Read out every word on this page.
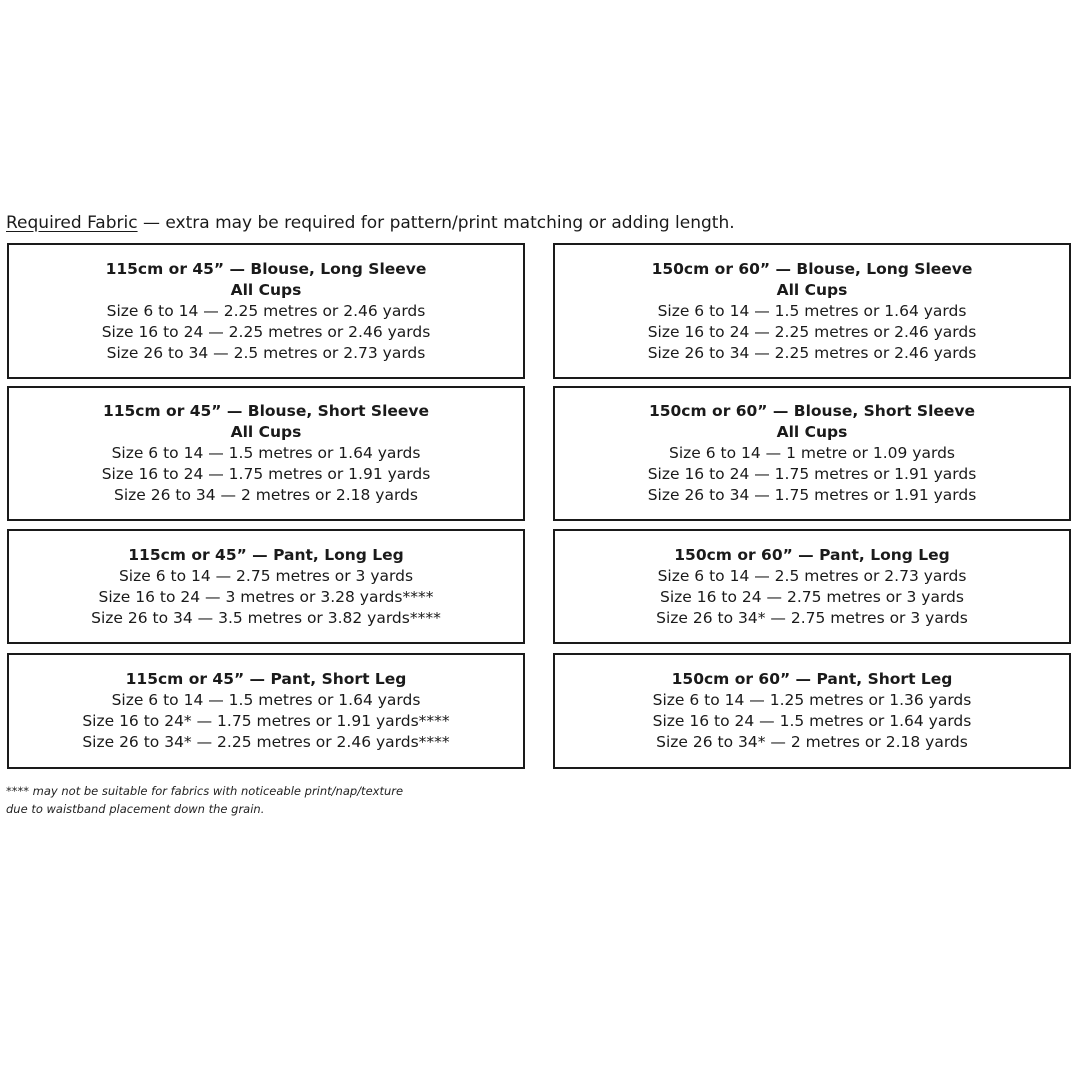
Required Fabric — extra may be required for pattern/print matching or adding length.
115cm or 45” — Blouse, Long Sleeve
All Cups
Size 6 to 14 — 2.25 metres or 2.46 yards
Size 16 to 24 — 2.25 metres or 2.46 yards
Size 26 to 34 — 2.5 metres or 2.73 yards
150cm or 60” — Blouse, Long Sleeve
All Cups
Size 6 to 14 — 1.5 metres or 1.64 yards
Size 16 to 24 — 2.25 metres or 2.46 yards
Size 26 to 34 — 2.25 metres or 2.46 yards
115cm or 45” — Blouse, Short Sleeve
All Cups
Size 6 to 14 — 1.5 metres or 1.64 yards
Size 16 to 24 — 1.75 metres or 1.91 yards
Size 26 to 34 — 2 metres or 2.18 yards
150cm or 60” — Blouse, Short Sleeve
All Cups
Size 6 to 14 — 1 metre or 1.09 yards
Size 16 to 24 — 1.75 metres or 1.91 yards
Size 26 to 34 — 1.75 metres or 1.91 yards
115cm or 45” — Pant, Long Leg
Size 6 to 14 — 2.75 metres or 3 yards
Size 16 to 24 — 3 metres or 3.28 yards****
Size 26 to 34 — 3.5 metres or 3.82 yards****
150cm or 60” — Pant, Long Leg
Size 6 to 14 — 2.5 metres or 2.73 yards
Size 16 to 24 — 2.75 metres or 3 yards
Size 26 to 34* — 2.75 metres or 3 yards
115cm or 45” — Pant, Short Leg
Size 6 to 14 — 1.5 metres or 1.64 yards
Size 16 to 24* — 1.75 metres or 1.91 yards****
Size 26 to 34* — 2.25 metres or 2.46 yards****
150cm or 60” — Pant, Short Leg
Size 6 to 14 — 1.25 metres or 1.36 yards
Size 16 to 24 — 1.5 metres or 1.64 yards
Size 26 to 34* — 2 metres or 2.18 yards
**** may not be suitable for fabrics with noticeable print/nap/texture
due to waistband placement down the grain.
